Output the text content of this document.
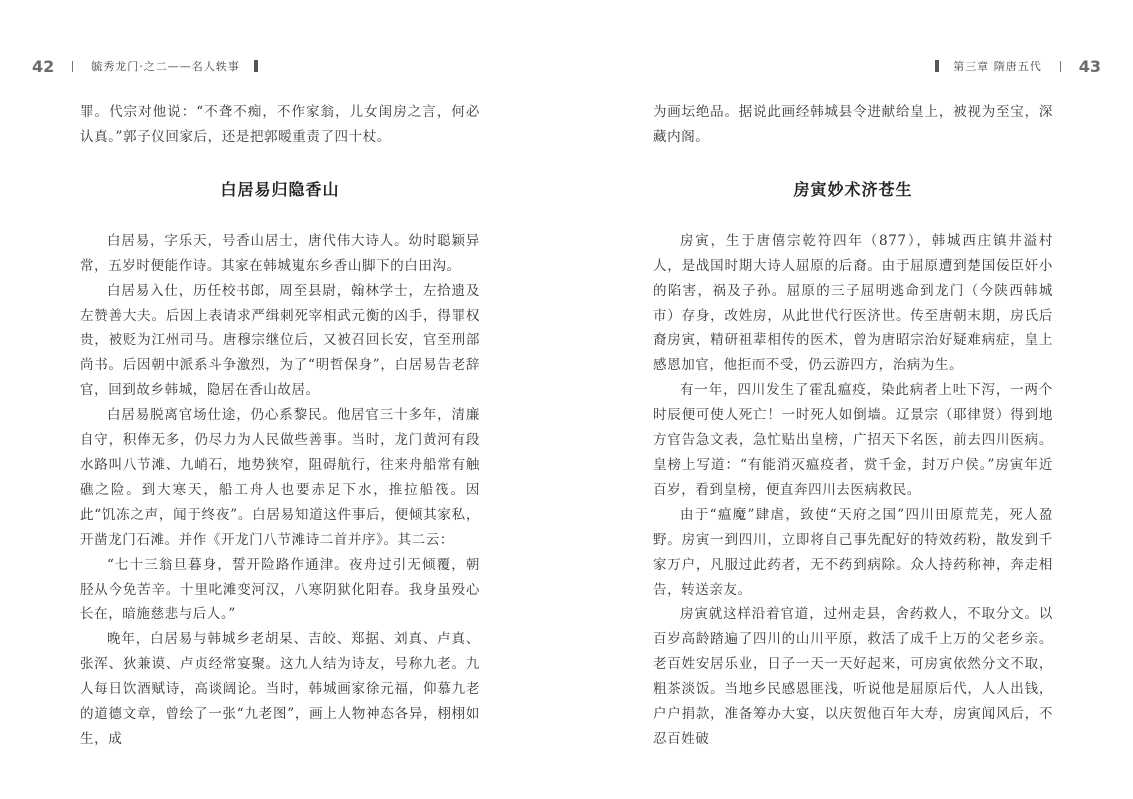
42	毓秀龙门·之二——名人轶事

罪。代宗对他说：“不聋不痴，不作家翁，儿女闺房之言，何必认真。”郭子仪回家后，还是把郭暧重责了四十杖。

白居易归隐香山

白居易，字乐天，号香山居士，唐代伟大诗人。幼时聪颖异常，五岁时便能作诗。其家在韩城嵬东乡香山脚下的白田沟。

白居易入仕，历任校书郎，周至县尉，翰林学士，左拾遗及左赞善大夫。后因上表请求严缉刺死宰相武元衡的凶手，得罪权贵，被贬为江州司马。唐穆宗继位后，又被召回长安，官至刑部尚书。后因朝中派系斗争激烈，为了“明哲保身”，白居易告老辞官，回到故乡韩城，隐居在香山故居。

白居易脱离官场仕途，仍心系黎民。他居官三十多年，清廉自守，积俸无多，仍尽力为人民做些善事。当时，龙门黄河有段水路叫八节滩、九峭石，地势狭窄，阻碍航行，往来舟船常有触礁之险。到大寒天，船工舟人也要赤足下水，推拉船筏。因此“饥冻之声，闻于终夜”。白居易知道这件事后，便倾其家私，开凿龙门石滩。并作《开龙门八节滩诗二首并序》。其二云：

“七十三翁旦暮身，誓开险路作通津。夜舟过引无倾覆，朝胫从今免苦辛。十里叱滩变河汉，八寒阴狱化阳春。我身虽殁心长在，暗施慈悲与后人。”

晚年，白居易与韩城乡老胡杲、吉皎、郑据、刘真、卢真、张浑、狄兼谟、卢贞经常宴聚。这九人结为诗友，号称九老。九人每日饮酒赋诗，高谈阔论。当时，韩城画家徐元福，仰慕九老的道德文章，曾绘了一张“九老图”，画上人物神态各异，栩栩如生，成

第三章 隋唐五代 43

为画坛绝品。据说此画经韩城县令进献给皇上，被视为至宝，深藏内阁。

房寅妙术济苍生

房寅，生于唐僖宗乾符四年（877），韩城西庄镇井溢村人，是战国时期大诗人屈原的后裔。由于屈原遭到楚国佞臣奸小的陷害，祸及子孙。屈原的三子屈明逃命到龙门（今陕西韩城市）存身，改姓房，从此世代行医济世。传至唐朝末期，房氏后裔房寅，精研祖辈相传的医术，曾为唐昭宗治好疑难病症，皇上感恩加官，他拒而不受，仍云游四方，治病为生。

有一年，四川发生了霍乱瘟疫，染此病者上吐下泻，一两个时辰便可使人死亡！一时死人如倒墙。辽景宗（耶律贤）得到地方官告急文表，急忙贴出皇榜，广招天下名医，前去四川医病。皇榜上写道：“有能消灭瘟疫者，赏千金，封万户侯。”房寅年近百岁，看到皇榜，便直奔四川去医病救民。

由于“瘟魔”肆虐，致使“天府之国”四川田原荒芜，死人盈野。房寅一到四川，立即将自己事先配好的特效药粉，散发到千家万户，凡服过此药者，无不药到病除。众人持药称神，奔走相告，转送亲友。

房寅就这样沿着官道，过州走县，舍药救人，不取分文。以百岁高龄踏遍了四川的山川平原，救活了成千上万的父老乡亲。老百姓安居乐业，日子一天一天好起来，可房寅依然分文不取，粗茶淡饭。当地乡民感恩匪浅，听说他是屈原后代，人人出钱，户户捐款，准备筹办大宴，以庆贺他百年大寿，房寅闻风后，不忍百姓破
